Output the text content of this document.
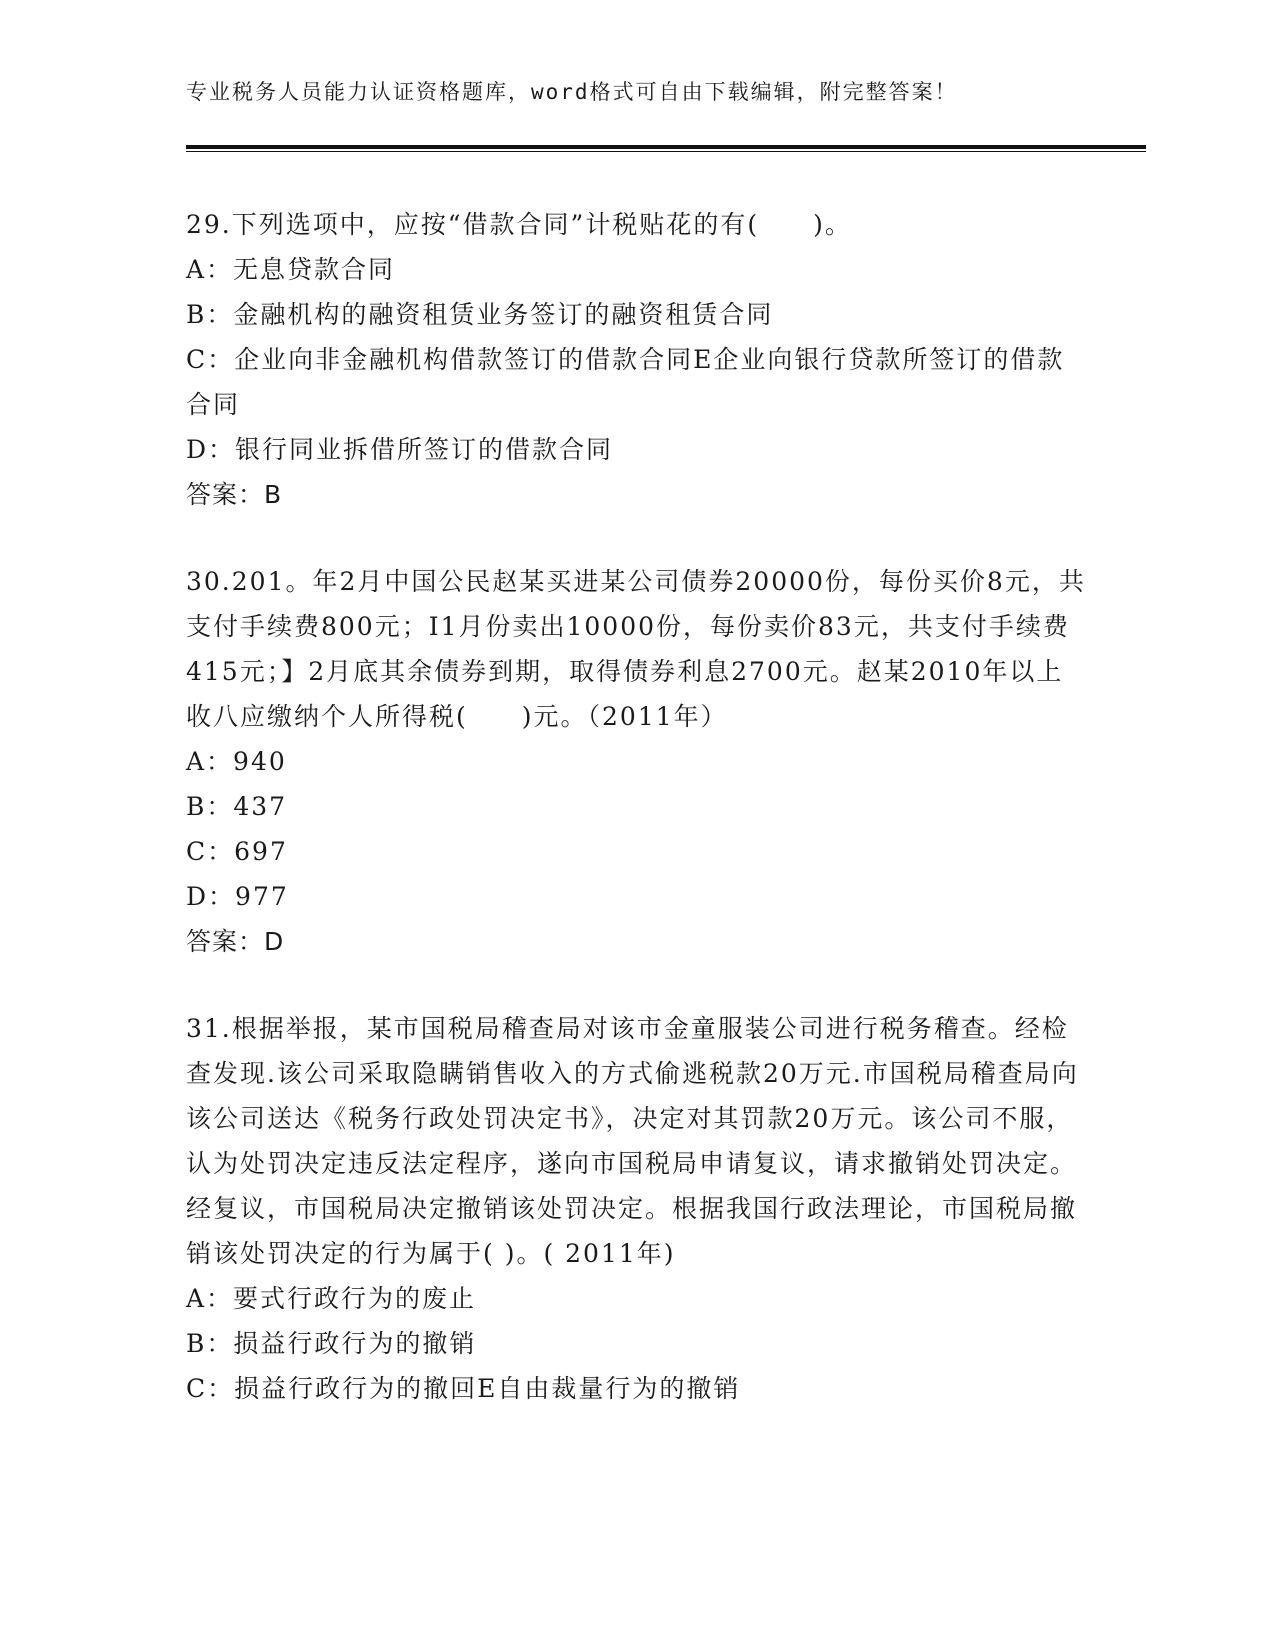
专业税务人员能力认证资格题库，word格式可自由下载编辑，附完整答案！

29.下列选项中，应按“借款合同”计税贴花的有(　　)。

A：无息贷款合同

B：金融机构的融资租赁业务签订的融资租赁合同

C：企业向非金融机构借款签订的借款合同E企业向银行贷款所签订的借款合同

D：银行同业拆借所签订的借款合同

答案：B

30.201。年2月中国公民赵某买进某公司债券20000份，每份买价8元，共支付手续费800元；I1月份卖出10000份，每份卖价83元，共支付手续费415元；】2月底其余债券到期，取得债券利息2700元。赵某2010年以上收八应缴纳个人所得税(　　)元。（2011年）

A：940

B：437

C：697

D：977

答案：D

31.根据举报，某市国税局稽查局对该市金童服装公司进行税务稽查。经检查发现.该公司采取隐瞒销售收入的方式偷逃税款20万元.市国税局稽查局向该公司送达《税务行政处罚决定书》，决定对其罚款20万元。该公司不服，认为处罚决定违反法定程序，遂向市国税局申请复议，请求撤销处罚决定。经复议，市国税局决定撤销该处罚决定。根据我国行政法理论，市国税局撤销该处罚决定的行为属于( )。( 2011年)

A：要式行政行为的废止

B：损益行政行为的撤销

C：损益行政行为的撤回E自由裁量行为的撤销
